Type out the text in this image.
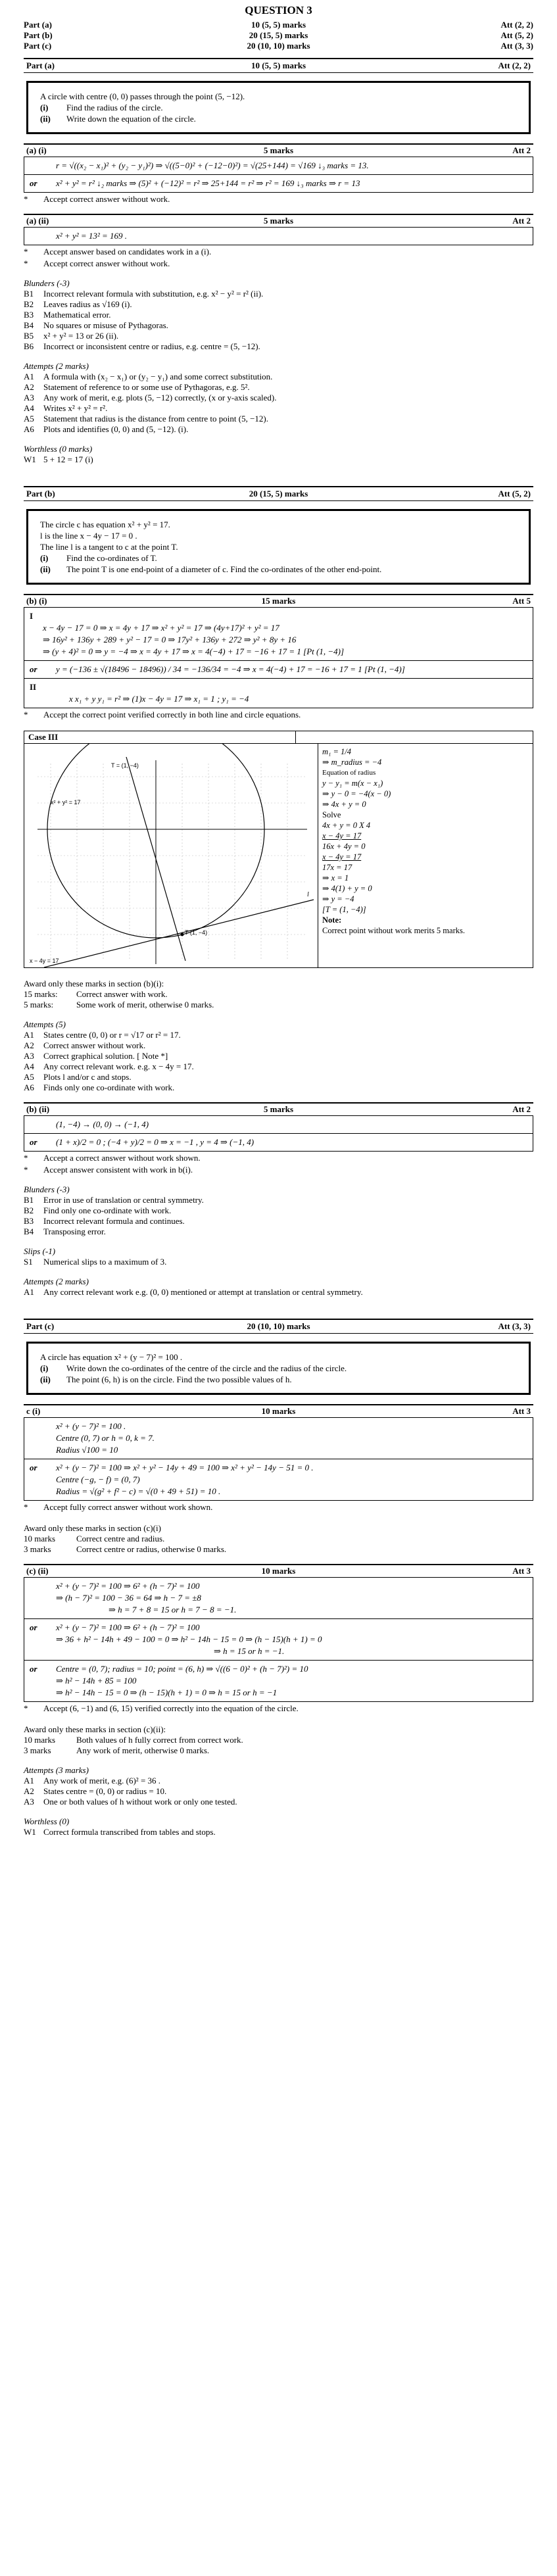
QUESTION 3
Part (a)	10 (5, 5) marks	Att (2, 2)
Part (b)	20 (15, 5) marks	Att (5, 2)
Part (c)	20 (10, 10) marks	Att (3, 3)
Part (a)	10 (5, 5) marks	Att (2, 2)
A circle with centre (0, 0) passes through the point (5, −12).
(i)	Find the radius of the circle.
(ii)	Write down the equation of the circle.
(a) (i)	5 marks	Att 2
r = √((x₂ − x₁)² + (y₂ − y₁)²) ⇒ √((5−0)² + (−12−0)²) = √(25+144) = √169 ↓₃ marks = 13.
or	x² + y² = r² ↓₂ marks ⇒ (5)² + (−12)² = r² ⇒ 25+144 = r² ⇒ r² = 169 ↓₃ marks ⇒ r = 13
*	Accept correct answer without work.
(a) (ii)	5 marks	Att 2
x² + y² = 13² = 169 .
*	Accept answer based on candidates work in a (i).
*	Accept correct answer without work.
Blunders (-3)
B1	Incorrect relevant formula with substitution, e.g. x² − y² = r² (ii).
B2	Leaves radius as √169 (i).
B3	Mathematical error.
B4	No squares or misuse of Pythagoras.
B5	x² + y² = 13 or 26 (ii).
B6	Incorrect or inconsistent centre or radius, e.g. centre = (5, −12).
Attempts (2 marks)
A1	A formula with (x₂ − x₁) or (y₂ − y₁) and some correct substitution.
A2	Statement of reference to or some use of Pythagoras, e.g. 5².
A3	Any work of merit, e.g. plots (5, −12) correctly, (x or y-axis scaled).
A4	Writes x² + y² = r².
A5	Statement that radius is the distance from centre to point (5, −12).
A6	Plots and identifies (0, 0) and (5, −12). (i).
Worthless (0 marks)
W1 5 + 12 = 17 (i)
Part (b)	20 (15, 5) marks	Att (5, 2)
The circle c has equation x² + y² = 17.
l is the line x − 4y − 17 = 0 .
The line l is a tangent to c at the point T.
(i)	Find the co-ordinates of T.
(ii)	The point T is one end-point of a diameter of c. Find the co-ordinates of the other end-point.
(b) (i)	15 marks	Att 5
I
x − 4y − 17 = 0 ⇒ x = 4y + 17 ⇒ x² + y² = 17 ⇒ (4y+17)² + y² = 17
⇒ 16y² + 136y + 289 + y² − 17 = 0 ⇒ 17y² + 136y + 272 ⇒ y² + 8y + 16
⇒ (y + 4)² = 0 ⇒ y = −4 ⇒ x = 4y + 17 ⇒ x = 4(−4) + 17 = −16 + 17 = 1 [Pt (1, −4)]
or	y = (−136 ± √(18496 − 18496)) / 34 = −136/34 = −4 ⇒ x = 4(−4) + 17 = −16 + 17 = 1 [Pt (1, −4)]
II
x x₁ + y y₁ = r² ⇒ (1)x − 4y = 17 ⇒ x₁ = 1 ; y₁ = −4
*	Accept the correct point verified correctly in both line and circle equations.
Case III
T = (1, −4)
x² + y² = 17
x − 4y = 17
T (1, −4)
l
m₁ = 1/4
⇒ m_radius = −4
Equation of radius
y − y₁ = m(x − x₁)
⇒ y − 0 = −4(x − 0)
⇒ 4x + y = 0
Solve
4x + y = 0 X 4
x − 4y = 17
16x + 4y = 0
x − 4y = 17
17x = 17
⇒ x = 1
⇒ 4(1) + y = 0
⇒ y = −4
[T = (1, −4)]
Note:
Correct point without work merits 5 marks.
Award only these marks in section (b)(i):
15 marks:	Correct answer with work.
5 marks:	Some work of merit, otherwise 0 marks.
Attempts (5)
A1	States centre (0, 0) or r = √17 or r² = 17.
A2	Correct answer without work.
A3	Correct graphical solution. [ Note *]
A4	Any correct relevant work. e.g. x − 4y = 17.
A5	Plots l and/or c and stops.
A6	Finds only one co-ordinate with work.
(b) (ii)	5 marks	Att 2
(1, −4) → (0, 0) → (−1, 4)
or	(1 + x)/2 = 0 ; (−4 + y)/2 = 0 ⇒ x = −1 , y = 4 ⇒ (−1, 4)
*	Accept a correct answer without work shown.
*	Accept answer consistent with work in b(i).
Blunders (-3)
B1	Error in use of translation or central symmetry.
B2	Find only one co-ordinate with work.
B3	Incorrect relevant formula and continues.
B4	Transposing error.
Slips (-1)
S1	Numerical slips to a maximum of 3.
Attempts (2 marks)
A1	Any correct relevant work e.g. (0, 0) mentioned or attempt at translation or central symmetry.
Part (c)	20 (10, 10) marks	Att (3, 3)
A circle has equation x² + (y − 7)² = 100 .
(i)	Write down the co-ordinates of the centre of the circle and the radius of the circle.
(ii)	The point (6, h) is on the circle. Find the two possible values of h.
c (i)	10 marks	Att 3
x² + (y − 7)² = 100 .
Centre (0, 7) or h = 0, k = 7.
Radius √100 = 10
or	x² + (y − 7)² = 100 ⇒ x² + y² − 14y + 49 = 100 ⇒ x² + y² − 14y − 51 = 0 .
Centre (−g, − f) = (0, 7)
Radius = √(g² + f² − c) = √(0 + 49 + 51) = 10 .
*	Accept fully correct answer without work shown.
Award only these marks in section (c)(i)
10 marks	Correct centre and radius.
3 marks	Correct centre or radius, otherwise 0 marks.
(c) (ii)	10 marks	Att 3
x² + (y − 7)² = 100 ⇒ 6² + (h − 7)² = 100
⇒ (h − 7)² = 100 − 36 = 64 ⇒ h − 7 = ±8
⇒ h = 7 + 8 = 15 or h = 7 − 8 = −1.
or	x² + (y − 7)² = 100 ⇒ 6² + (h − 7)² = 100
⇒ 36 + h² − 14h + 49 − 100 = 0 ⇒ h² − 14h − 15 = 0 ⇒ (h − 15)(h + 1) = 0
⇒ h = 15 or h = −1.
or	Centre = (0, 7); radius = 10; point = (6, h) ⇒ √((6 − 0)² + (h − 7)²) = 10
⇒ h² − 14h + 85 = 100
⇒ h² − 14h − 15 = 0 ⇒ (h − 15)(h + 1) = 0 ⇒ h = 15 or h = −1
*	Accept (6, −1) and (6, 15) verified correctly into the equation of the circle.
Award only these marks in section (c)(ii):
10 marks	Both values of h fully correct from correct work.
3 marks	Any work of merit, otherwise 0 marks.
Attempts (3 marks)
A1	Any work of merit, e.g. (6)² = 36 .
A2	States centre = (0, 0) or radius = 10.
A3	One or both values of h without work or only one tested.
Worthless (0)
W1 Correct formula transcribed from tables and stops.
